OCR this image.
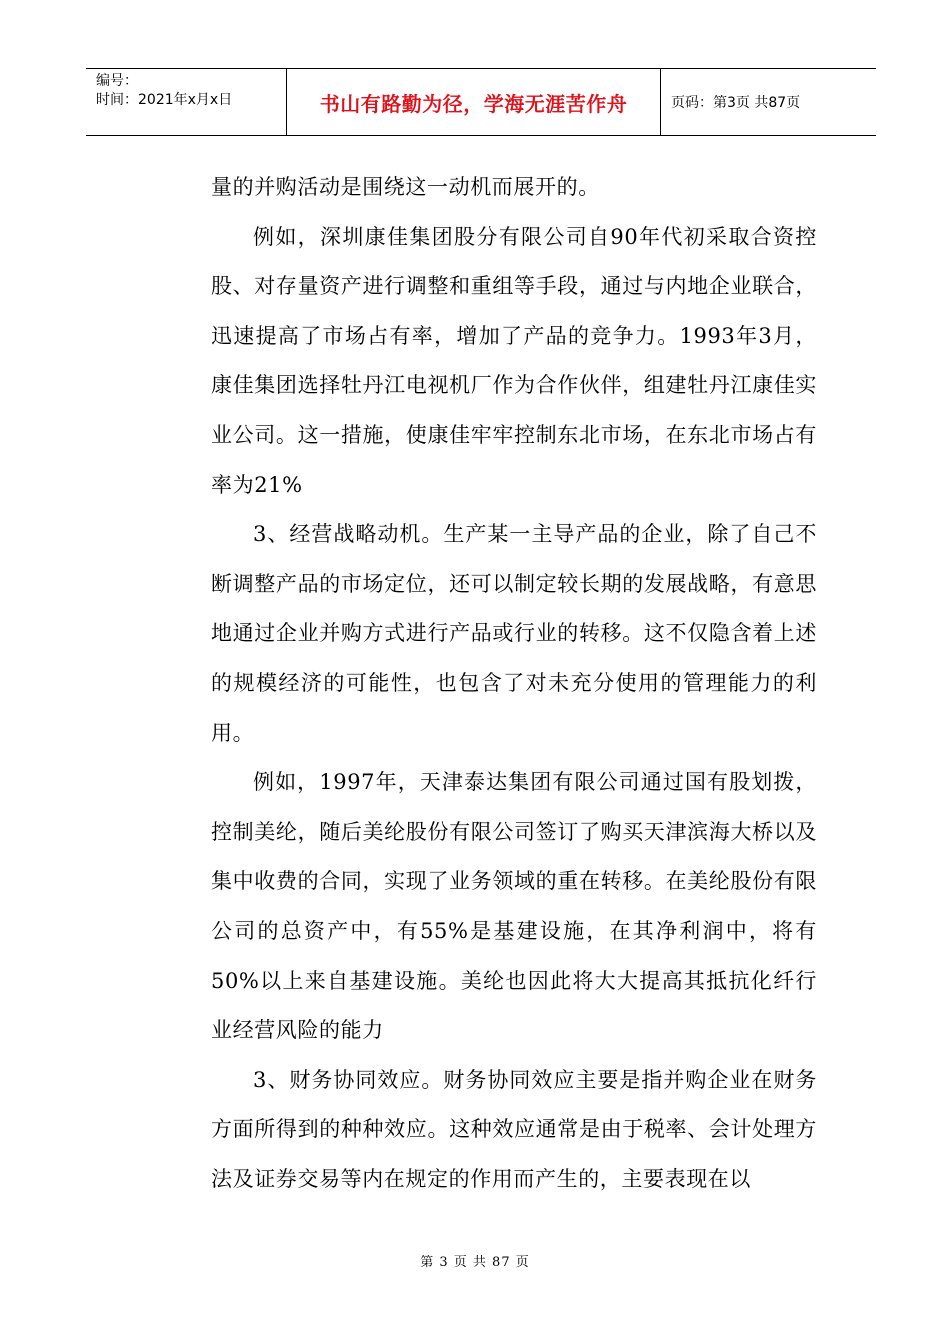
编号：
时间：2021年x月x日	书山有路勤为径，学海无涯苦作舟	页码：第3页 共87页

量的并购活动是围绕这一动机而展开的。

例如，深圳康佳集团股分有限公司自90年代初采取合资控股、对存量资产进行调整和重组等手段，通过与内地企业联合，迅速提高了市场占有率，增加了产品的竞争力。1993年3月，康佳集团选择牡丹江电视机厂作为合作伙伴，组建牡丹江康佳实业公司。这一措施，使康佳牢牢控制东北市场，在东北市场占有率为21%

3、经营战略动机。生产某一主导产品的企业，除了自己不断调整产品的市场定位，还可以制定较长期的发展战略，有意思地通过企业并购方式进行产品或行业的转移。这不仅隐含着上述的规模经济的可能性，也包含了对未充分使用的管理能力的利用。

例如，1997年，天津泰达集团有限公司通过国有股划拨，控制美纶，随后美纶股份有限公司签订了购买天津滨海大桥以及集中收费的合同，实现了业务领域的重在转移。在美纶股份有限公司的总资产中，有55%是基建设施，在其净利润中，将有50%以上来自基建设施。美纶也因此将大大提高其抵抗化纤行业经营风险的能力

3、财务协同效应。财务协同效应主要是指并购企业在财务方面所得到的种种效应。这种效应通常是由于税率、会计处理方法及证券交易等内在规定的作用而产生的，主要表现在以

第 3 页 共 87 页
